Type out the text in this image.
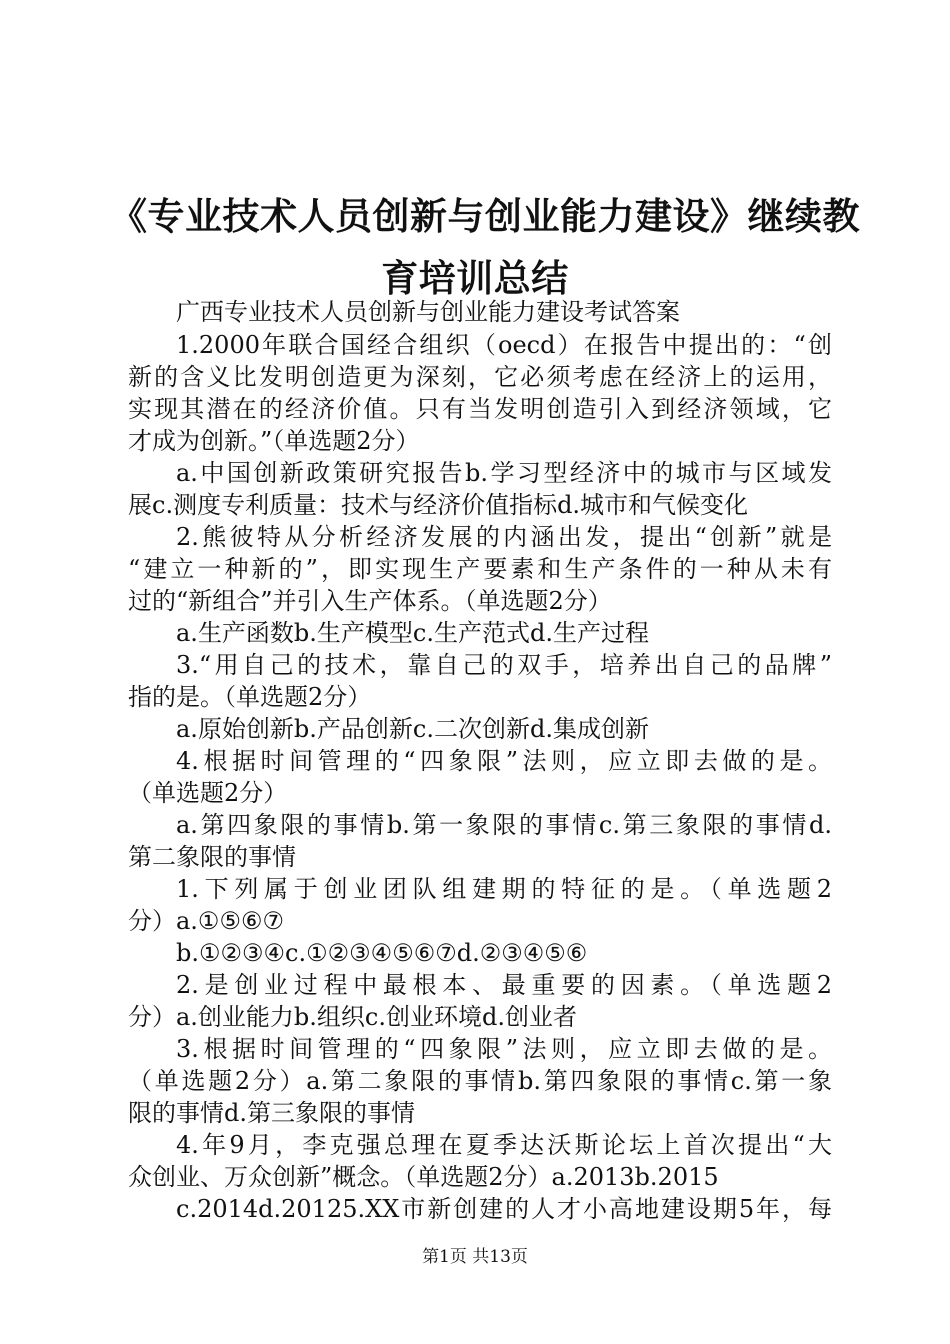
《专业技术人员创新与创业能力建设》继续教
育培训总结

广西专业技术人员创新与创业能力建设考试答案

1.2000年联合国经合组织（oecd）在报告中提出的：“创

新的含义比发明创造更为深刻，它必须考虑在经济上的运用，

实现其潜在的经济价值。只有当发明创造引入到经济领域，它

才成为创新。”（单选题2分）

a.中国创新政策研究报告b.学习型经济中的城市与区域发

展c.测度专利质量：技术与经济价值指标d.城市和气候变化

2.熊彼特从分析经济发展的内涵出发，提出“创新”就是

“建立一种新的”，即实现生产要素和生产条件的一种从未有

过的“新组合”并引入生产体系。（单选题2分）

a.生产函数b.生产模型c.生产范式d.生产过程

3.“用自己的技术，靠自己的双手，培养出自己的品牌”

指的是。（单选题2分）

a.原始创新b.产品创新c.二次创新d.集成创新

4.根据时间管理的“四象限”法则，应立即去做的是。

（单选题2分）

a.第四象限的事情b.第一象限的事情c.第三象限的事情d.

第二象限的事情

1.下列属于创业团队组建期的特征的是。（单选题2

分）a.①⑤⑥⑦

b.①②③④c.①②③④⑤⑥⑦d.②③④⑤⑥

2.是创业过程中最根本、最重要的因素。（单选题2

分）a.创业能力b.组织c.创业环境d.创业者

3.根据时间管理的“四象限”法则，应立即去做的是。

（单选题2分）a.第二象限的事情b.第四象限的事情c.第一象

限的事情d.第三象限的事情

4.年9月，李克强总理在夏季达沃斯论坛上首次提出“大

众创业、万众创新”概念。（单选题2分）a.2013b.2015

c.2014d.20125.XX市新创建的人才小高地建设期5年，每

第1页 共13页
